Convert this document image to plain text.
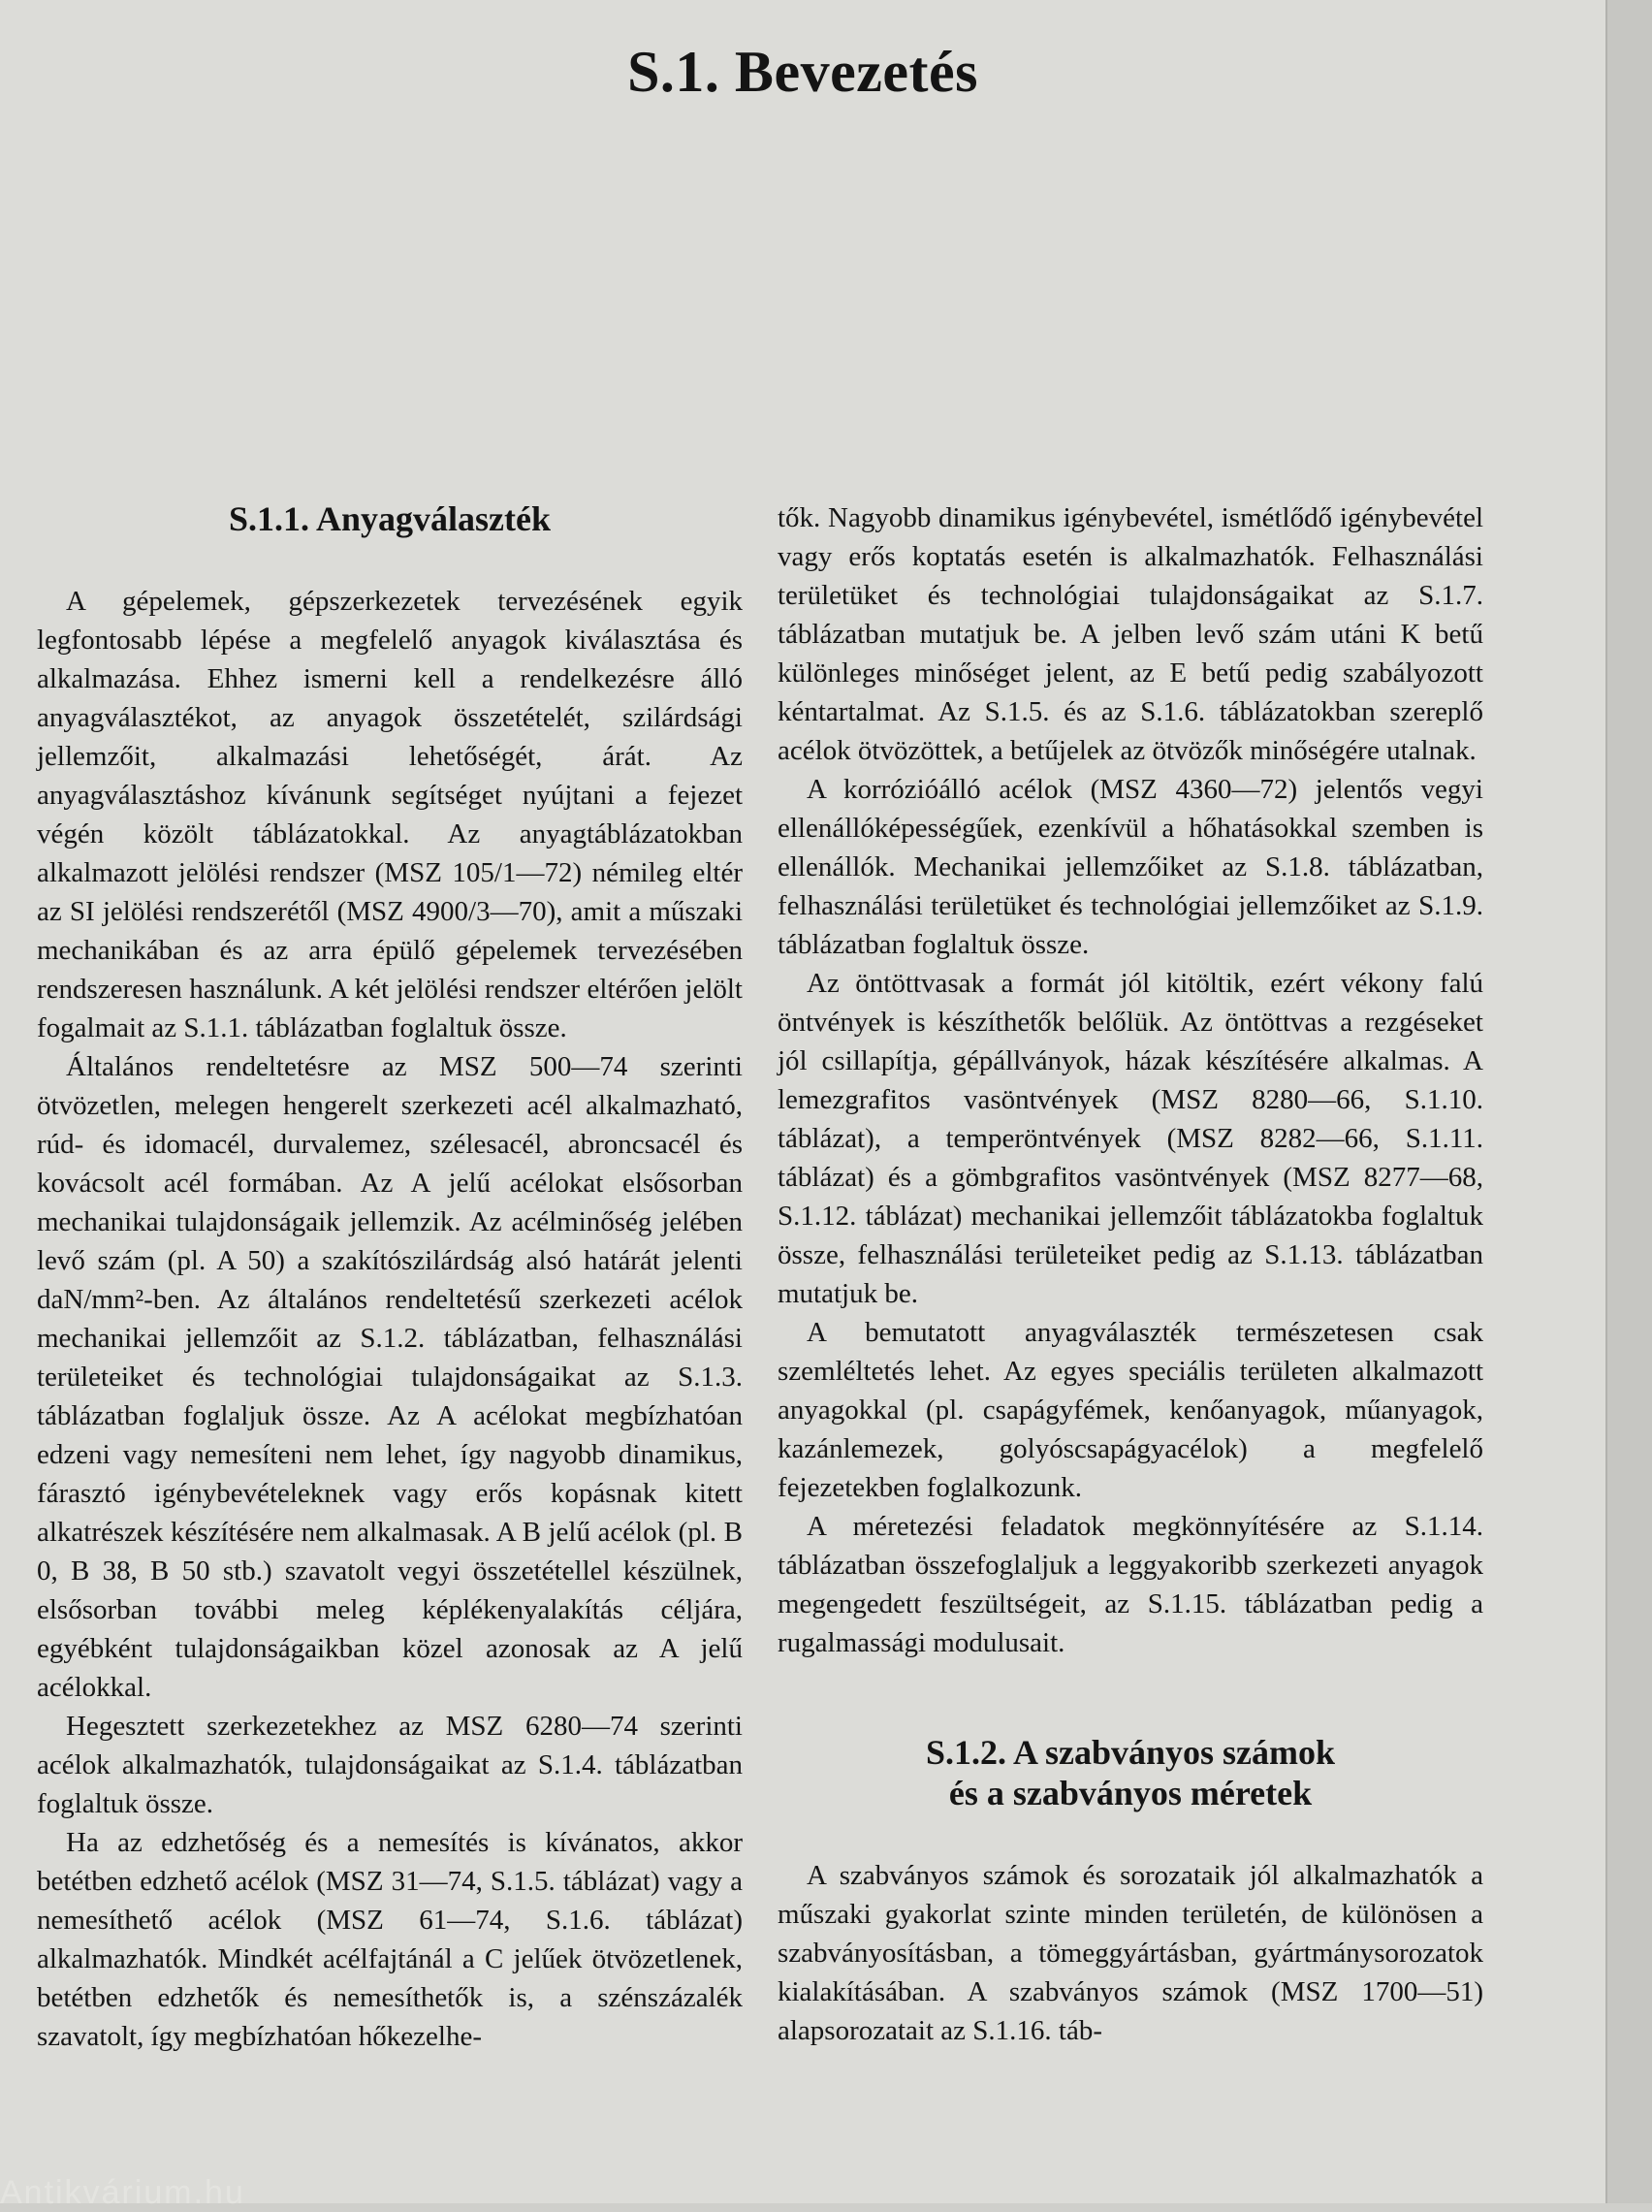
S.1. Bevezetés
S.1.1. Anyagválaszték

A gépelemek, gépszerkezetek tervezésének egyik legfontosabb lépése a megfelelő anyagok kiválasztása és alkalmazása. Ehhez ismerni kell a rendelkezésre álló anyagválasztékot, az anyagok összetételét, szilárdsági jellemzőit, alkalmazási lehetőségét, árát. Az anyagválasztáshoz kívánunk segítséget nyújtani a fejezet végén közölt táblázatokkal. Az anyagtáblázatokban alkalmazott jelölési rendszer (MSZ 105/1—72) némileg eltér az SI jelölési rendszerétől (MSZ 4900/3—70), amit a műszaki mechanikában és az arra épülő gépelemek tervezésében rendszeresen használunk. A két jelölési rendszer eltérően jelölt fogalmait az S.1.1. táblázatban foglaltuk össze.

Általános rendeltetésre az MSZ 500—74 szerinti ötvözetlen, melegen hengerelt szerkezeti acél alkalmazható, rúd- és idomacél, durvalemez, szélesacél, abroncsacél és kovácsolt acél formában. Az A jelű acélokat elsősorban mechanikai tulajdonságaik jellemzik. Az acélminőség jelében levő szám (pl. A 50) a szakítószilárdság alsó határát jelenti daN/mm²-ben. Az általános rendeltetésű szerkezeti acélok mechanikai jellemzőit az S.1.2. táblázatban, felhasználási területeiket és technológiai tulajdonságaikat az S.1.3. táblázatban foglaljuk össze. Az A acélokat megbízhatóan edzeni vagy nemesíteni nem lehet, így nagyobb dinamikus, fárasztó igénybevételeknek vagy erős kopásnak kitett alkatrészek készítésére nem alkalmasak. A B jelű acélok (pl. B 0, B 38, B 50 stb.) szavatolt vegyi összetétellel készülnek, elsősorban további meleg képlékenyalakítás céljára, egyébként tulajdonságaikban közel azonosak az A jelű acélokkal.

Hegesztett szerkezetekhez az MSZ 6280—74 szerinti acélok alkalmazhatók, tulajdonságaikat az S.1.4. táblázatban foglaltuk össze.

Ha az edzhetőség és a nemesítés is kívánatos, akkor betétben edzhető acélok (MSZ 31—74, S.1.5. táblázat) vagy a nemesíthető acélok (MSZ 61—74, S.1.6. táblázat) alkalmazhatók. Mindkét acélfajtánál a C jelűek ötvözetlenek, betétben edzhetők és nemesíthetők is, a szénszázalék szavatolt, így megbízhatóan hőkezelhe-

tők. Nagyobb dinamikus igénybevétel, ismétlődő igénybevétel vagy erős koptatás esetén is alkalmazhatók. Felhasználási területüket és technológiai tulajdonságaikat az S.1.7. táblázatban mutatjuk be. A jelben levő szám utáni K betű különleges minőséget jelent, az E betű pedig szabályozott kéntartalmat. Az S.1.5. és az S.1.6. táblázatokban szereplő acélok ötvözöttek, a betűjelek az ötvözők minőségére utalnak.

A korrózióálló acélok (MSZ 4360—72) jelentős vegyi ellenállóképességűek, ezenkívül a hőhatásokkal szemben is ellenállók. Mechanikai jellemzőiket az S.1.8. táblázatban, felhasználási területüket és technológiai jellemzőiket az S.1.9. táblázatban foglaltuk össze.

Az öntöttvasak a formát jól kitöltik, ezért vékony falú öntvények is készíthetők belőlük. Az öntöttvas a rezgéseket jól csillapítja, gépállványok, házak készítésére alkalmas. A lemezgrafitos vasöntvények (MSZ 8280—66, S.1.10. táblázat), a temperöntvények (MSZ 8282—66, S.1.11. táblázat) és a gömbgrafitos vasöntvények (MSZ 8277—68, S.1.12. táblázat) mechanikai jellemzőit táblázatokba foglaltuk össze, felhasználási területeiket pedig az S.1.13. táblázatban mutatjuk be.

A bemutatott anyagválaszték természetesen csak szemléltetés lehet. Az egyes speciális területen alkalmazott anyagokkal (pl. csapágyfémek, kenőanyagok, műanyagok, kazánlemezek, golyóscsapágyacélok) a megfelelő fejezetekben foglalkozunk.

A méretezési feladatok megkönnyítésére az S.1.14. táblázatban összefoglaljuk a leggyakoribb szerkezeti anyagok megengedett feszültségeit, az S.1.15. táblázatban pedig a rugalmassági modulusait.

S.1.2. A szabványos számok
és a szabványos méretek

A szabványos számok és sorozataik jól alkalmazhatók a műszaki gyakorlat szinte minden területén, de különösen a szabványosításban, a tömeggyártásban, gyártmánysorozatok kialakításában. A szabványos számok (MSZ 1700—51) alapsorozatait az S.1.16. táb-

Antikvárium.hu
